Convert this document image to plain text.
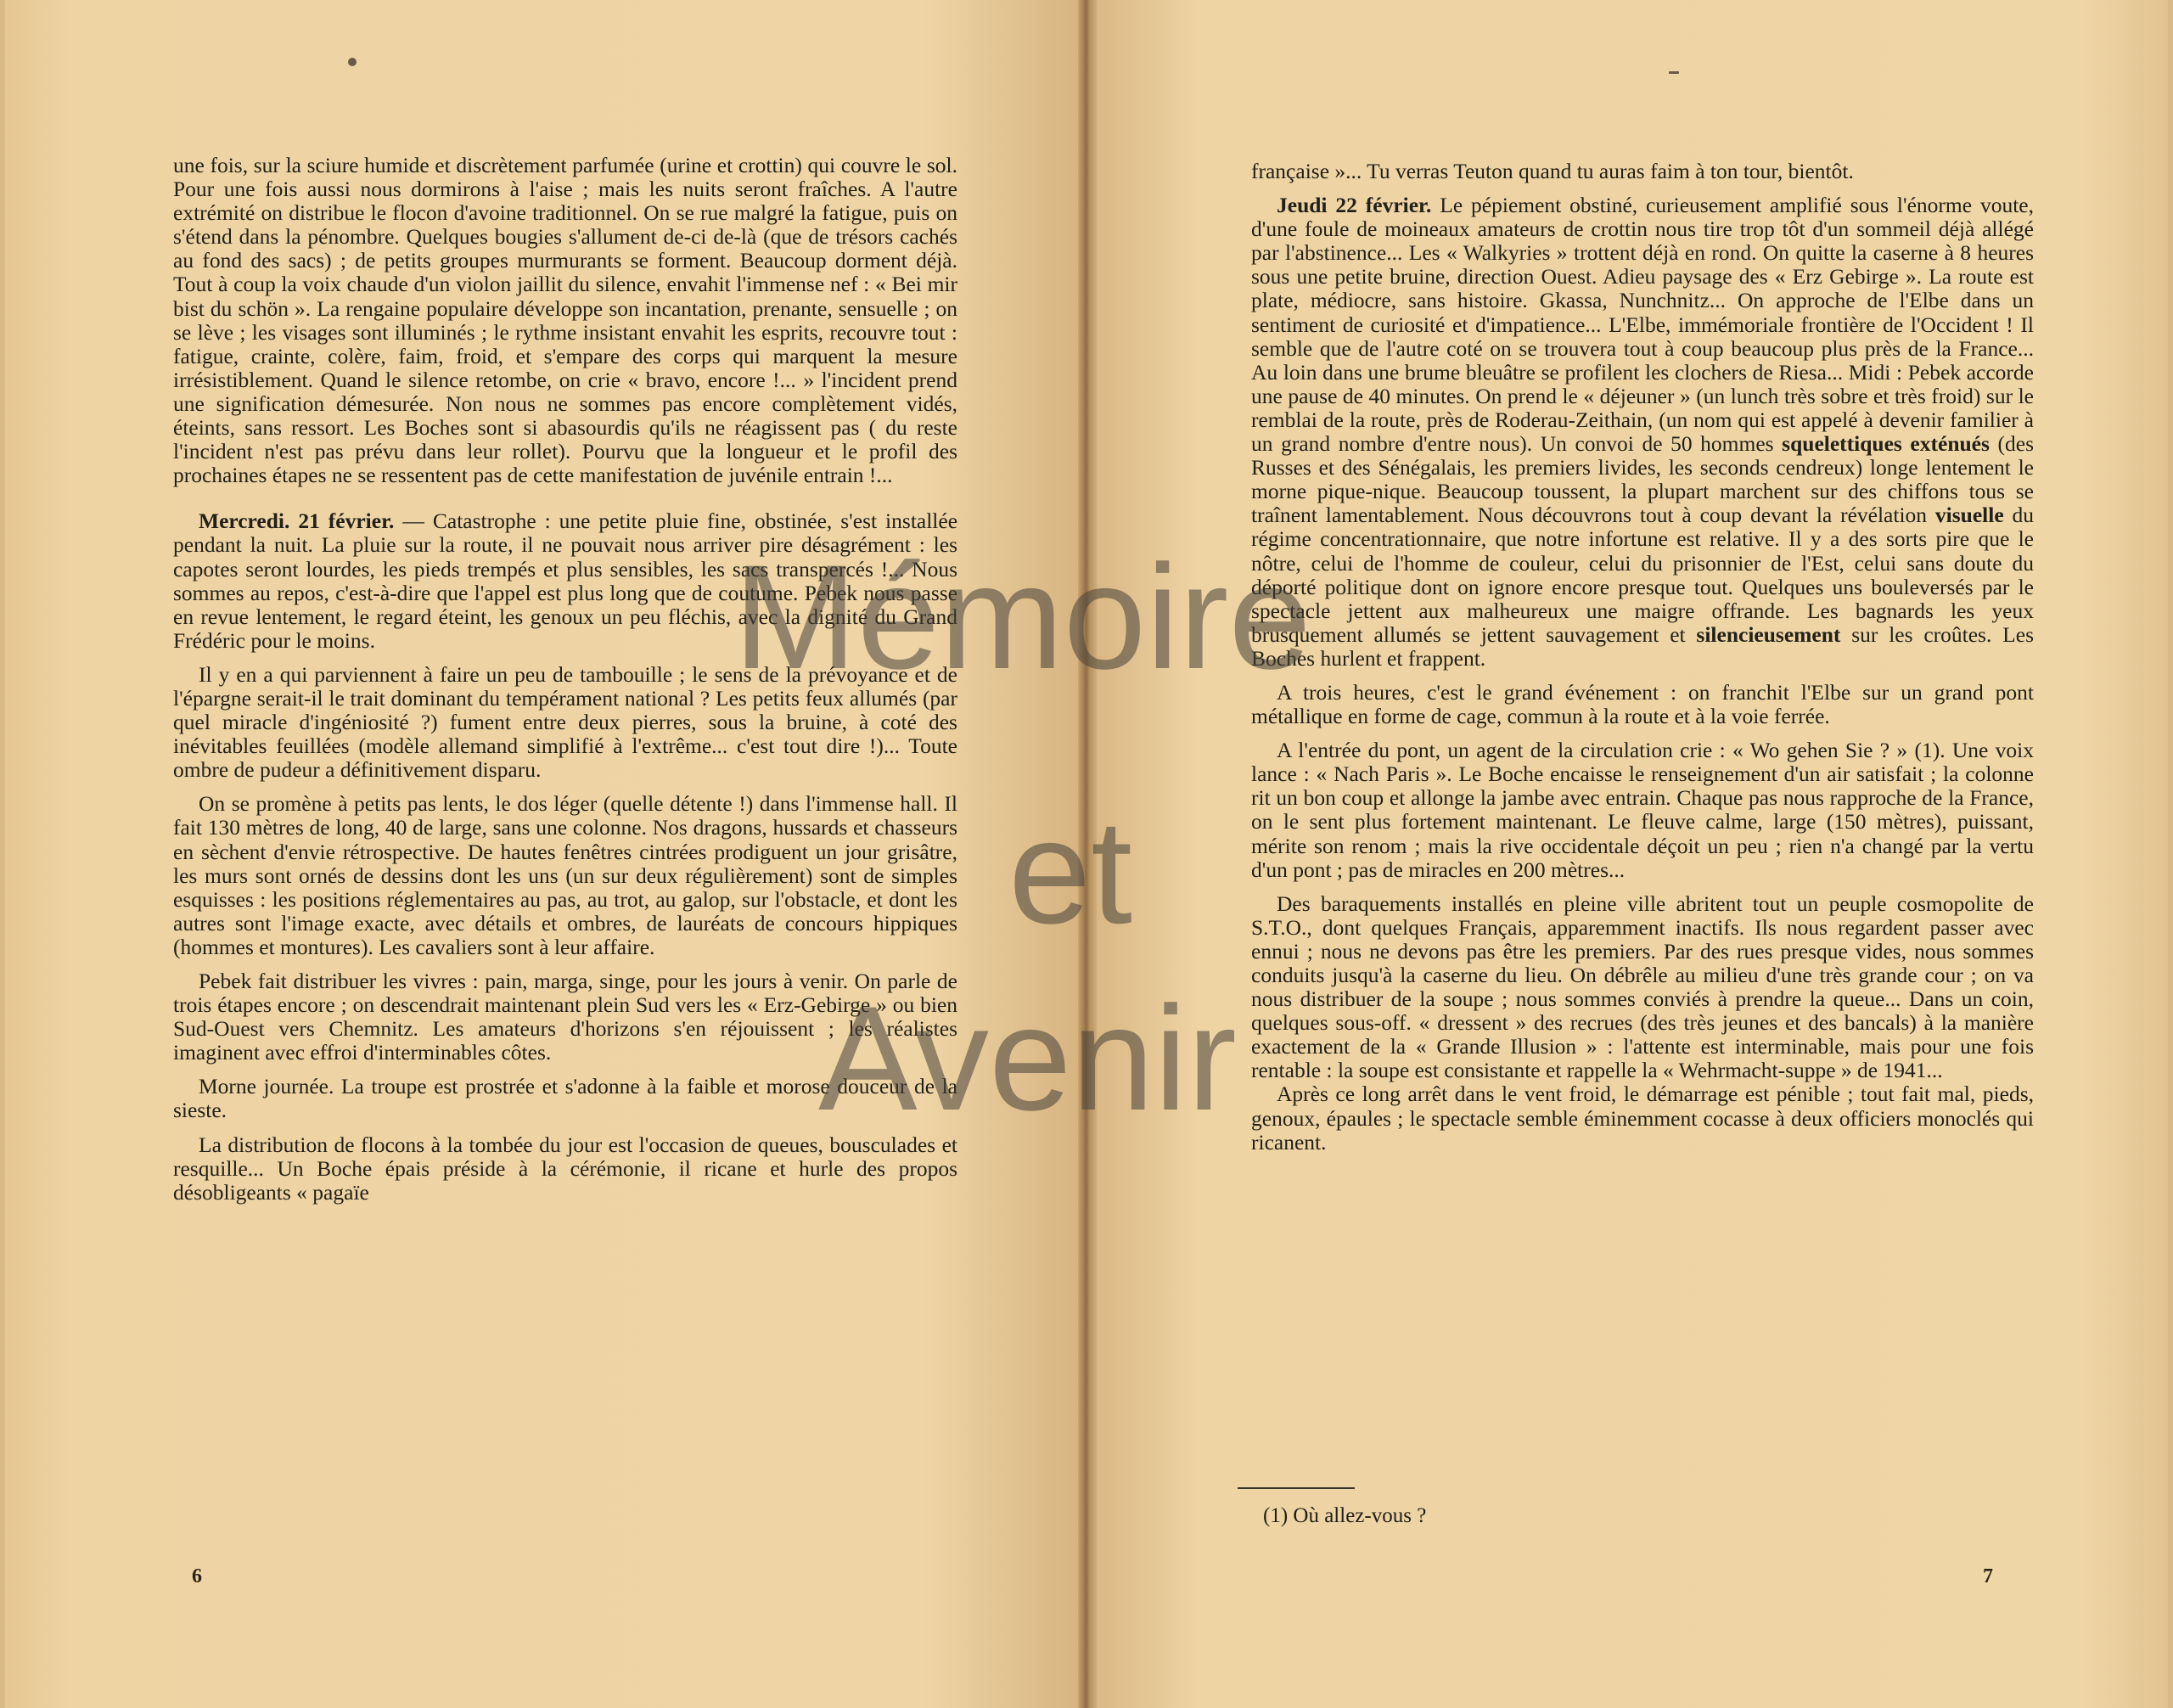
une fois, sur la sciure humide et discrètement parfumée (urine et crottin) qui couvre le sol. Pour une fois aussi nous dormirons à l'aise ; mais les nuits seront fraîches. A l'autre extrémité on distribue le flocon d'avoine traditionnel. On se rue malgré la fatigue, puis on s'étend dans la pénombre. Quelques bougies s'allument de-ci de-là (que de trésors cachés au fond des sacs) ; de petits groupes murmurants se forment. Beaucoup dorment déjà. Tout à coup la voix chaude d'un violon jaillit du silence, envahit l'immense nef : « Bei mir bist du schön ». La rengaine populaire développe son incantation, prenante, sensuelle ; on se lève ; les visages sont illuminés ; le rythme insistant envahit les esprits, recouvre tout : fatigue, crainte, colère, faim, froid, et s'empare des corps qui marquent la mesure irrésistiblement. Quand le silence retombe, on crie « bravo, encore !... » l'incident prend une signification démesurée. Non nous ne sommes pas encore complètement vidés, éteints, sans ressort. Les Boches sont si abasourdis qu'ils ne réagissent pas ( du reste l'incident n'est pas prévu dans leur rollet). Pourvu que la longueur et le profil des prochaines étapes ne se ressentent pas de cette manifestation de juvénile entrain !...

Mercredi. 21 février. — Catastrophe : une petite pluie fine, obstinée, s'est installée pendant la nuit. La pluie sur la route, il ne pouvait nous arriver pire désagrément : les capotes seront lourdes, les pieds trempés et plus sensibles, les sacs transpercés !... Nous sommes au repos, c'est-à-dire que l'appel est plus long que de coutume. Pebek nous passe en revue lentement, le regard éteint, les genoux un peu fléchis, avec la dignité du Grand Frédéric pour le moins.

Il y en a qui parviennent à faire un peu de tambouille ; le sens de la prévoyance et de l'épargne serait-il le trait dominant du tempérament national ? Les petits feux allumés (par quel miracle d'ingéniosité ?) fument entre deux pierres, sous la bruine, à coté des inévitables feuillées (modèle allemand simplifié à l'extrême... c'est tout dire !)... Toute ombre de pudeur a définitivement disparu.

On se promène à petits pas lents, le dos léger (quelle détente !) dans l'immense hall. Il fait 130 mètres de long, 40 de large, sans une colonne. Nos dragons, hussards et chasseurs en sèchent d'envie rétrospective. De hautes fenêtres cintrées prodiguent un jour grisâtre, les murs sont ornés de dessins dont les uns (un sur deux régulièrement) sont de simples esquisses : les positions réglementaires au pas, au trot, au galop, sur l'obstacle, et dont les autres sont l'image exacte, avec détails et ombres, de lauréats de concours hippiques (hommes et montures). Les cavaliers sont à leur affaire.

Pebek fait distribuer les vivres : pain, marga, singe, pour les jours à venir. On parle de trois étapes encore ; on descendrait maintenant plein Sud vers les « Erz-Gebirge » ou bien Sud-Ouest vers Chemnitz. Les amateurs d'horizons s'en réjouissent ; les réalistes imaginent avec effroi d'interminables côtes.

Morne journée. La troupe est prostrée et s'adonne à la faible et morose douceur de la sieste.

La distribution de flocons à la tombée du jour est l'occasion de queues, bousculades et resquille... Un Boche épais préside à la cérémonie, il ricane et hurle des propos désobligeants « pagaïe

6

française »... Tu verras Teuton quand tu auras faim à ton tour, bientôt.

Jeudi 22 février. Le pépiement obstiné, curieusement amplifié sous l'énorme voute, d'une foule de moineaux amateurs de crottin nous tire trop tôt d'un sommeil déjà allégé par l'abstinence... Les « Walkyries » trottent déjà en rond. On quitte la caserne à 8 heures sous une petite bruine, direction Ouest. Adieu paysage des « Erz Gebirge ». La route est plate, médiocre, sans histoire. Gkassa, Nunchnitz... On approche de l'Elbe dans un sentiment de curiosité et d'impatience... L'Elbe, immémoriale frontière de l'Occident ! Il semble que de l'autre coté on se trouvera tout à coup beaucoup plus près de la France... Au loin dans une brume bleuâtre se profilent les clochers de Riesa... Midi : Pebek accorde une pause de 40 minutes. On prend le « déjeuner » (un lunch très sobre et très froid) sur le remblai de la route, près de Roderau-Zeithain, (un nom qui est appelé à devenir familier à un grand nombre d'entre nous). Un convoi de 50 hommes squelettiques exténués (des Russes et des Sénégalais, les premiers livides, les seconds cendreux) longe lentement le morne pique-nique. Beaucoup toussent, la plupart marchent sur des chiffons tous se traînent lamentablement. Nous découvrons tout à coup devant la révélation visuelle du régime concentrationnaire, que notre infortune est relative. Il y a des sorts pire que le nôtre, celui de l'homme de couleur, celui du prisonnier de l'Est, celui sans doute du déporté politique dont on ignore encore presque tout. Quelques uns bouleversés par le spectacle jettent aux malheureux une maigre offrande. Les bagnards les yeux brusquement allumés se jettent sauvagement et silencieusement sur les croûtes. Les Boches hurlent et frappent.

A trois heures, c'est le grand événement : on franchit l'Elbe sur un grand pont métallique en forme de cage, commun à la route et à la voie ferrée.

A l'entrée du pont, un agent de la circulation crie : « Wo gehen Sie ? » (1). Une voix lance : « Nach Paris ». Le Boche encaisse le renseignement d'un air satisfait ; la colonne rit un bon coup et allonge la jambe avec entrain. Chaque pas nous rapproche de la France, on le sent plus fortement maintenant. Le fleuve calme, large (150 mètres), puissant, mérite son renom ; mais la rive occidentale déçoit un peu ; rien n'a changé par la vertu d'un pont ; pas de miracles en 200 mètres...

Des baraquements installés en pleine ville abritent tout un peuple cosmopolite de S.T.O., dont quelques Français, apparemment inactifs. Ils nous regardent passer avec ennui ; nous ne devons pas être les premiers. Par des rues presque vides, nous sommes conduits jusqu'à la caserne du lieu. On débrêle au milieu d'une très grande cour ; on va nous distribuer de la soupe ; nous sommes conviés à prendre la queue... Dans un coin, quelques sous-off. « dressent » des recrues (des très jeunes et des bancals) à la manière exactement de la « Grande Illusion » : l'attente est interminable, mais pour une fois rentable : la soupe est consistante et rappelle la « Wehrmacht-suppe » de 1941...

Après ce long arrêt dans le vent froid, le démarrage est pénible ; tout fait mal, pieds, genoux, épaules ; le spectacle semble éminemment cocasse à deux officiers monoclés qui ricanent.

(1) Où allez-vous ?
7
Mémoire
et
Avenir
